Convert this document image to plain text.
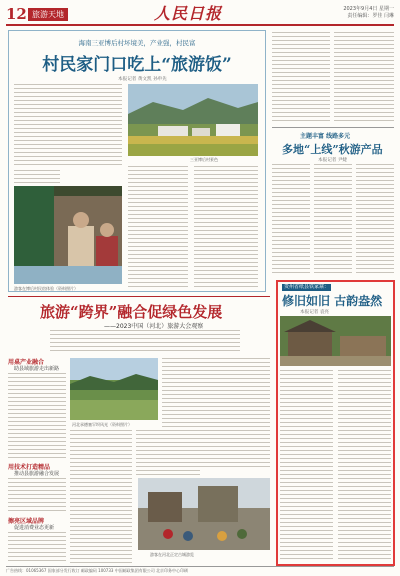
12 旅游天地	人民日报	2023年9月4日 星期一
责任编辑：罗佳 闫琳
海南三亚博后村坏境美，产业强，村民富
村民家门口吃上“旅游饭”
本报记者 黄文凯 孙申先
三亚博后村景色
游客在博后村民宿体验（资料照片）
主题丰富 线路多元
多地“上线”秋游产品
本报记者 尹婕
旅游“跨界”融合促绿色发展
——2023中国（河北）旅游大会观察
用桌产业融合
助县域旅游走出新路
用技术打造精品
推动县旅游融合发展
擦亮区域品牌
促进消费业态更新
河北承德塞罕坝风光（资料照片）
游客在河北正定古城游览
贵州省纸县铁家寨：
修旧如旧 古韵盎然
本报记者 袁亮
广告热线：01065367 国家部分发行收订 邮政编码 100733 中国邮政集团有限公司 北京印务中心印刷
